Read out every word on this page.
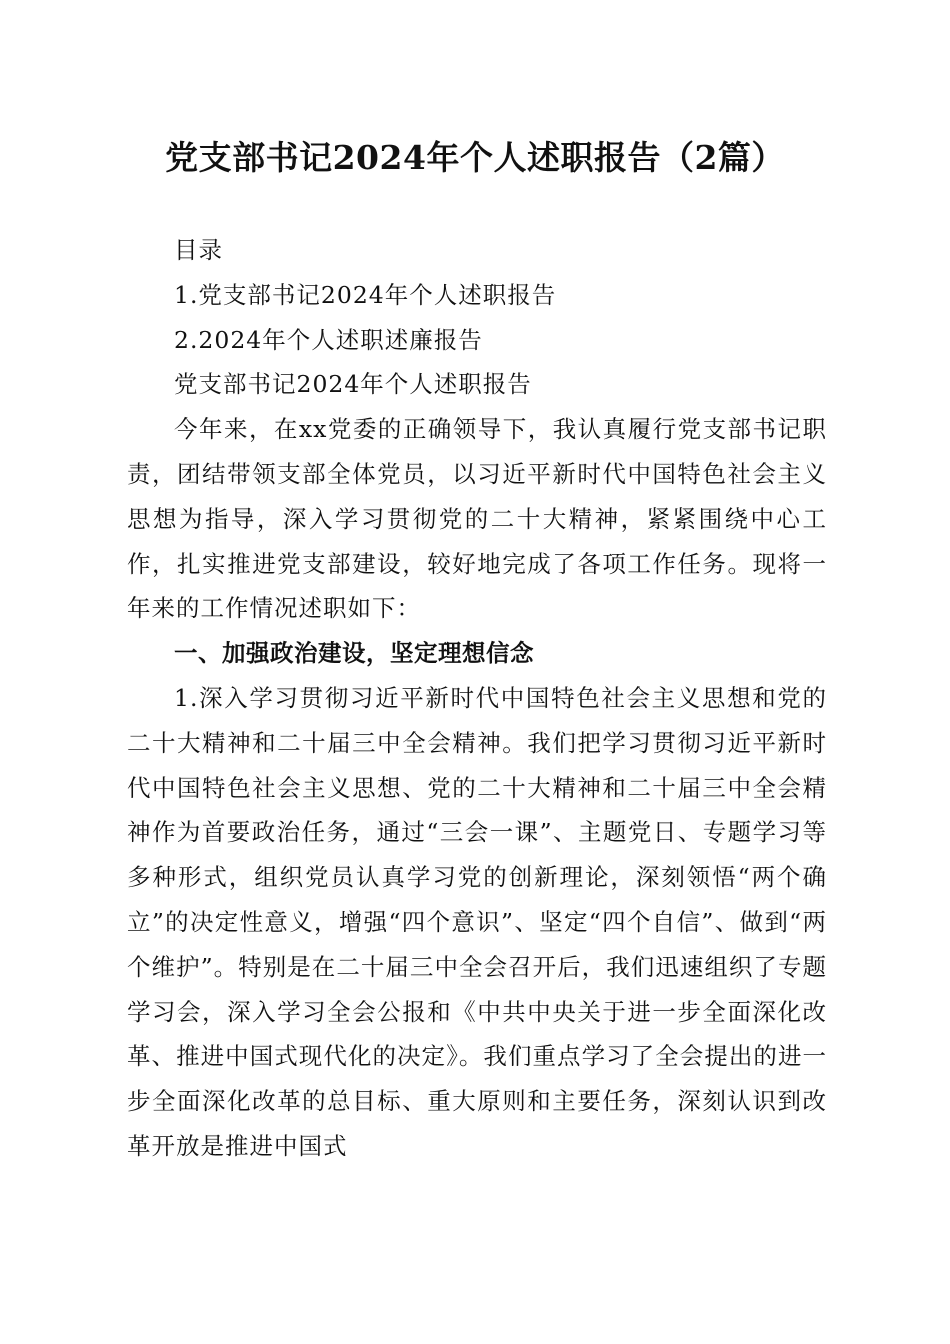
党支部书记2024年个人述职报告（2篇）

目录

1.党支部书记2024年个人述职报告

2.2024年个人述职述廉报告

党支部书记2024年个人述职报告

今年来，在xx党委的正确领导下，我认真履行党支部书记职责，团结带领支部全体党员，以习近平新时代中国特色社会主义思想为指导，深入学习贯彻党的二十大精神，紧紧围绕中心工作，扎实推进党支部建设，较好地完成了各项工作任务。现将一年来的工作情况述职如下：

一、加强政治建设，坚定理想信念

1.深入学习贯彻习近平新时代中国特色社会主义思想和党的二十大精神和二十届三中全会精神。我们把学习贯彻习近平新时代中国特色社会主义思想、党的二十大精神和二十届三中全会精神作为首要政治任务，通过“三会一课”、主题党日、专题学习等多种形式，组织党员认真学习党的创新理论，深刻领悟“两个确立”的决定性意义，增强“四个意识”、坚定“四个自信”、做到“两个维护”。特别是在二十届三中全会召开后，我们迅速组织了专题学习会，深入学习全会公报和《中共中央关于进一步全面深化改革、推进中国式现代化的决定》。我们重点学习了全会提出的进一步全面深化改革的总目标、重大原则和主要任务，深刻认识到改革开放是推进中国式
